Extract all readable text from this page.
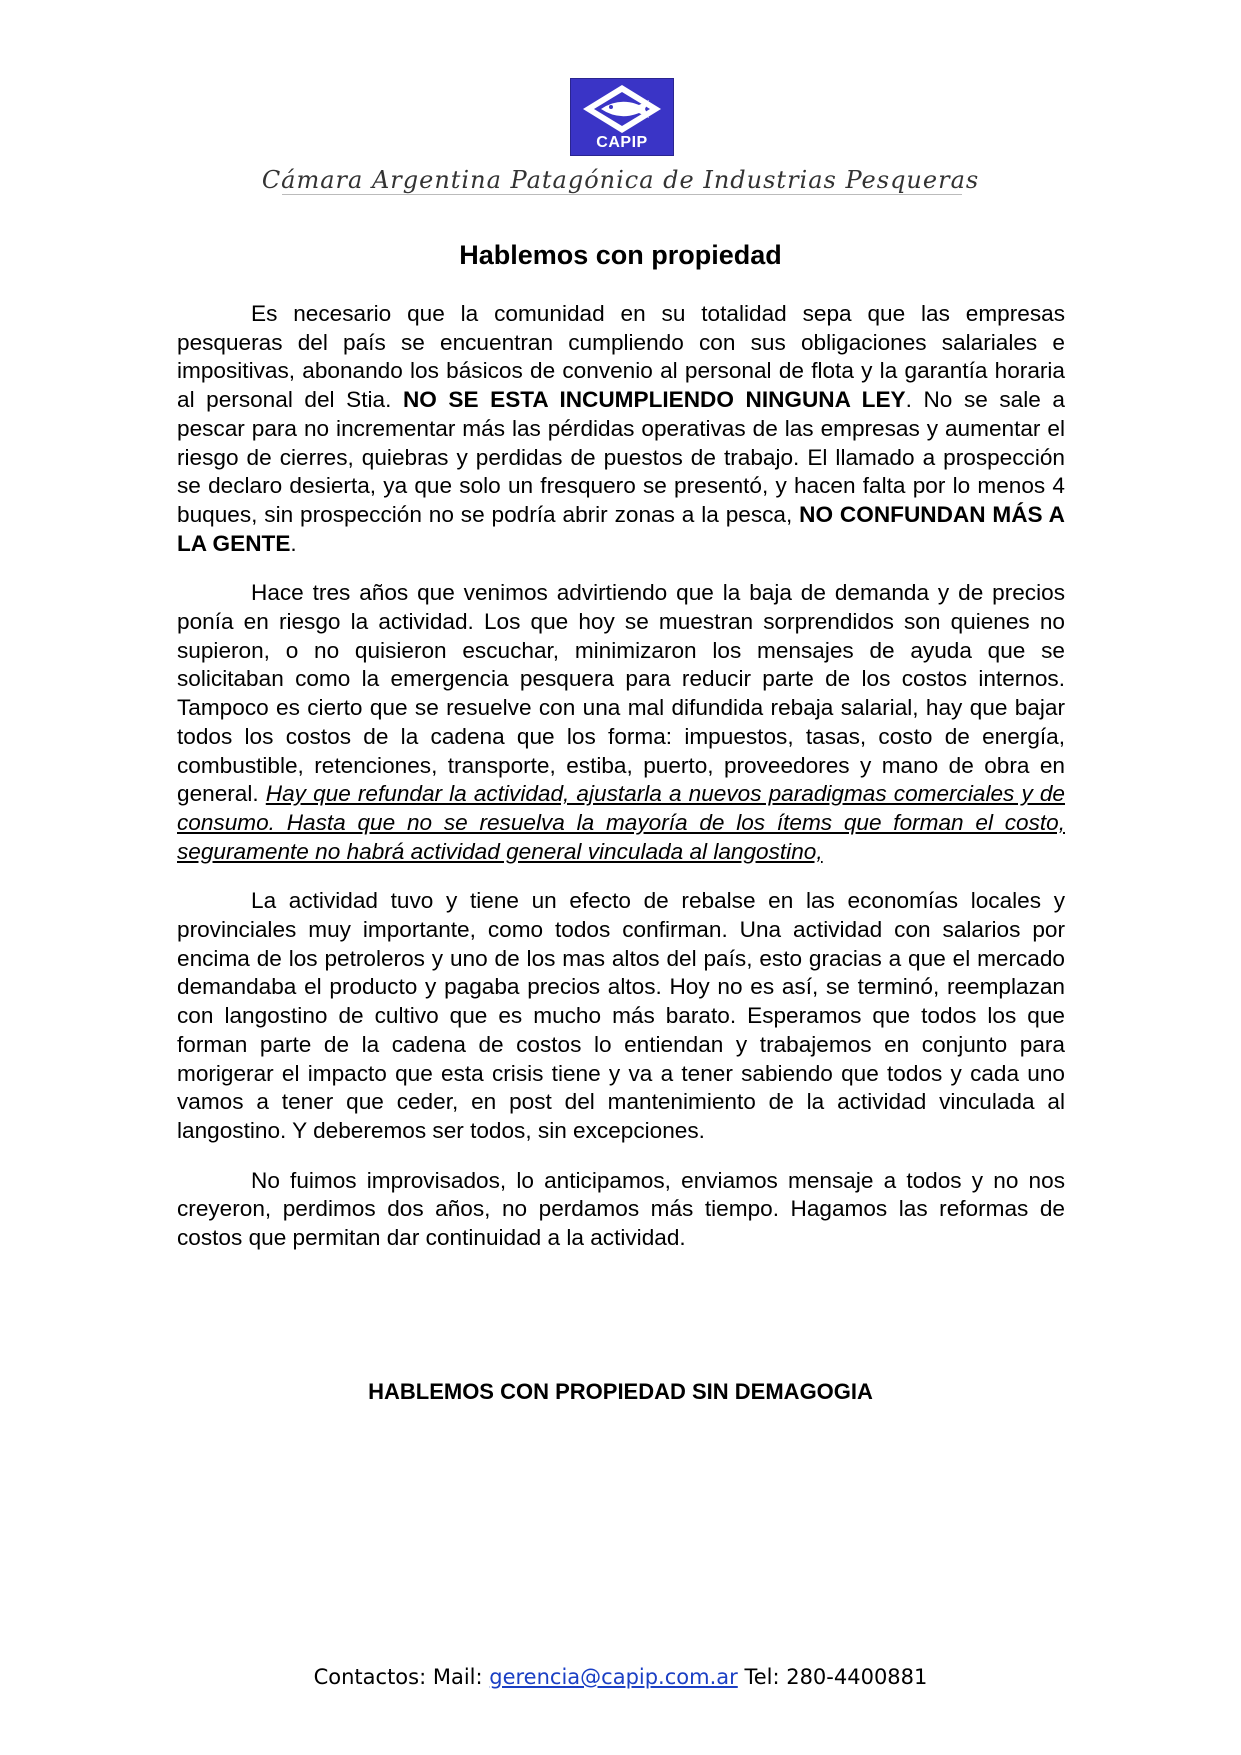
CAPIP
Cámara Argentina Patagónica de Industrias Pesqueras
Hablemos con propiedad

Es necesario que la comunidad en su totalidad sepa que las empresas pesqueras del país se encuentran cumpliendo con sus obligaciones salariales e impositivas, abonando los básicos de convenio al personal de flota y la garantía horaria al personal del Stia. NO SE ESTA INCUMPLIENDO NINGUNA LEY. No se sale a pescar para no incrementar más las pérdidas operativas de las empresas y aumentar el riesgo de cierres, quiebras y perdidas de puestos de trabajo. El llamado a prospección se declaro desierta, ya que solo un fresquero se presentó, y hacen falta por lo menos 4 buques, sin prospección no se podría abrir zonas a la pesca, NO CONFUNDAN MÁS A LA GENTE.

Hace tres años que venimos advirtiendo que la baja de demanda y de precios ponía en riesgo la actividad. Los que hoy se muestran sorprendidos son quienes no supieron, o no quisieron escuchar, minimizaron los mensajes de ayuda que se solicitaban como la emergencia pesquera para reducir parte de los costos internos. Tampoco es cierto que se resuelve con una mal difundida rebaja salarial, hay que bajar todos los costos de la cadena que los forma: impuestos, tasas, costo de energía, combustible, retenciones, transporte, estiba, puerto, proveedores y mano de obra en general. Hay que refundar la actividad, ajustarla a nuevos paradigmas comerciales y de consumo. Hasta que no se resuelva la mayoría de los ítems que forman el costo, seguramente no habrá actividad general vinculada al langostino,

La actividad tuvo y tiene un efecto de rebalse en las economías locales y provinciales muy importante, como todos confirman. Una actividad con salarios por encima de los petroleros y uno de los mas altos del país, esto gracias a que el mercado demandaba el producto y pagaba precios altos. Hoy no es así, se terminó, reemplazan con langostino de cultivo que es mucho más barato. Esperamos que todos los que forman parte de la cadena de costos lo entiendan y trabajemos en conjunto para morigerar el impacto que esta crisis tiene y va a tener sabiendo que todos y cada uno vamos a tener que ceder, en post del mantenimiento de la actividad vinculada al langostino. Y deberemos ser todos, sin excepciones.

No fuimos improvisados, lo anticipamos, enviamos mensaje a todos y no nos creyeron, perdimos dos años, no perdamos más tiempo. Hagamos las reformas de costos que permitan dar continuidad a la actividad.

HABLEMOS CON PROPIEDAD SIN DEMAGOGIA
Contactos: Mail: gerencia@capip.com.ar Tel: 280-4400881
